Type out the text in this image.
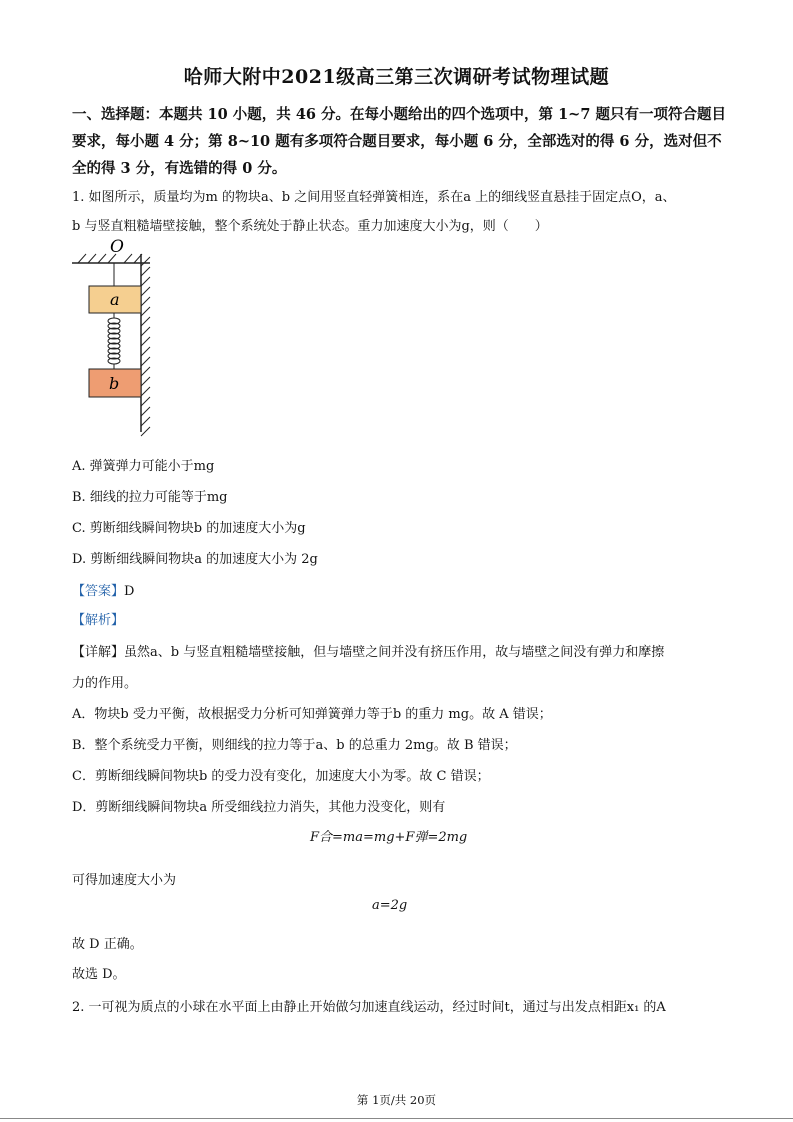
哈师大附中2021级高三第三次调研考试物理试题
一、选择题：本题共 10 小题，共 46 分。在每小题给出的四个选项中，第 1~7 题只有一项符合题目要求，每小题 4 分；第 8~10 题有多项符合题目要求，每小题 6 分，全部选对的得 6 分，选对但不全的得 3 分，有选错的得 0 分。
1. 如图所示，质量均为m 的物块a、b 之间用竖直轻弹簧相连，系在a 上的细线竖直悬挂于固定点O，a、
b 与竖直粗糙墙壁接触，整个系统处于静止状态。重力加速度大小为g，则（　　）
O
a
b
A. 弹簧弹力可能小于mg
B. 细线的拉力可能等于mg
C. 剪断细线瞬间物块b 的加速度大小为g
D. 剪断细线瞬间物块a 的加速度大小为 2g
【答案】D
【解析】
【详解】虽然a、b 与竖直粗糙墙壁接触，但与墙壁之间并没有挤压作用，故与墙壁之间没有弹力和摩擦
力的作用。
A．物块b 受力平衡，故根据受力分析可知弹簧弹力等于b 的重力 mg。故 A 错误；
B．整个系统受力平衡，则细线的拉力等于a、b 的总重力 2mg。故 B 错误；
C．剪断细线瞬间物块b 的受力没有变化，加速度大小为零。故 C 错误；
D．剪断细线瞬间物块a 所受细线拉力消失，其他力没变化，则有
F合=ma=mg+F弹=2mg
可得加速度大小为
a=2g
故 D 正确。
故选 D。
2. 一可视为质点的小球在水平面上由静止开始做匀加速直线运动，经过时间t，通过与出发点相距x₁ 的A
第 1页/共 20页
